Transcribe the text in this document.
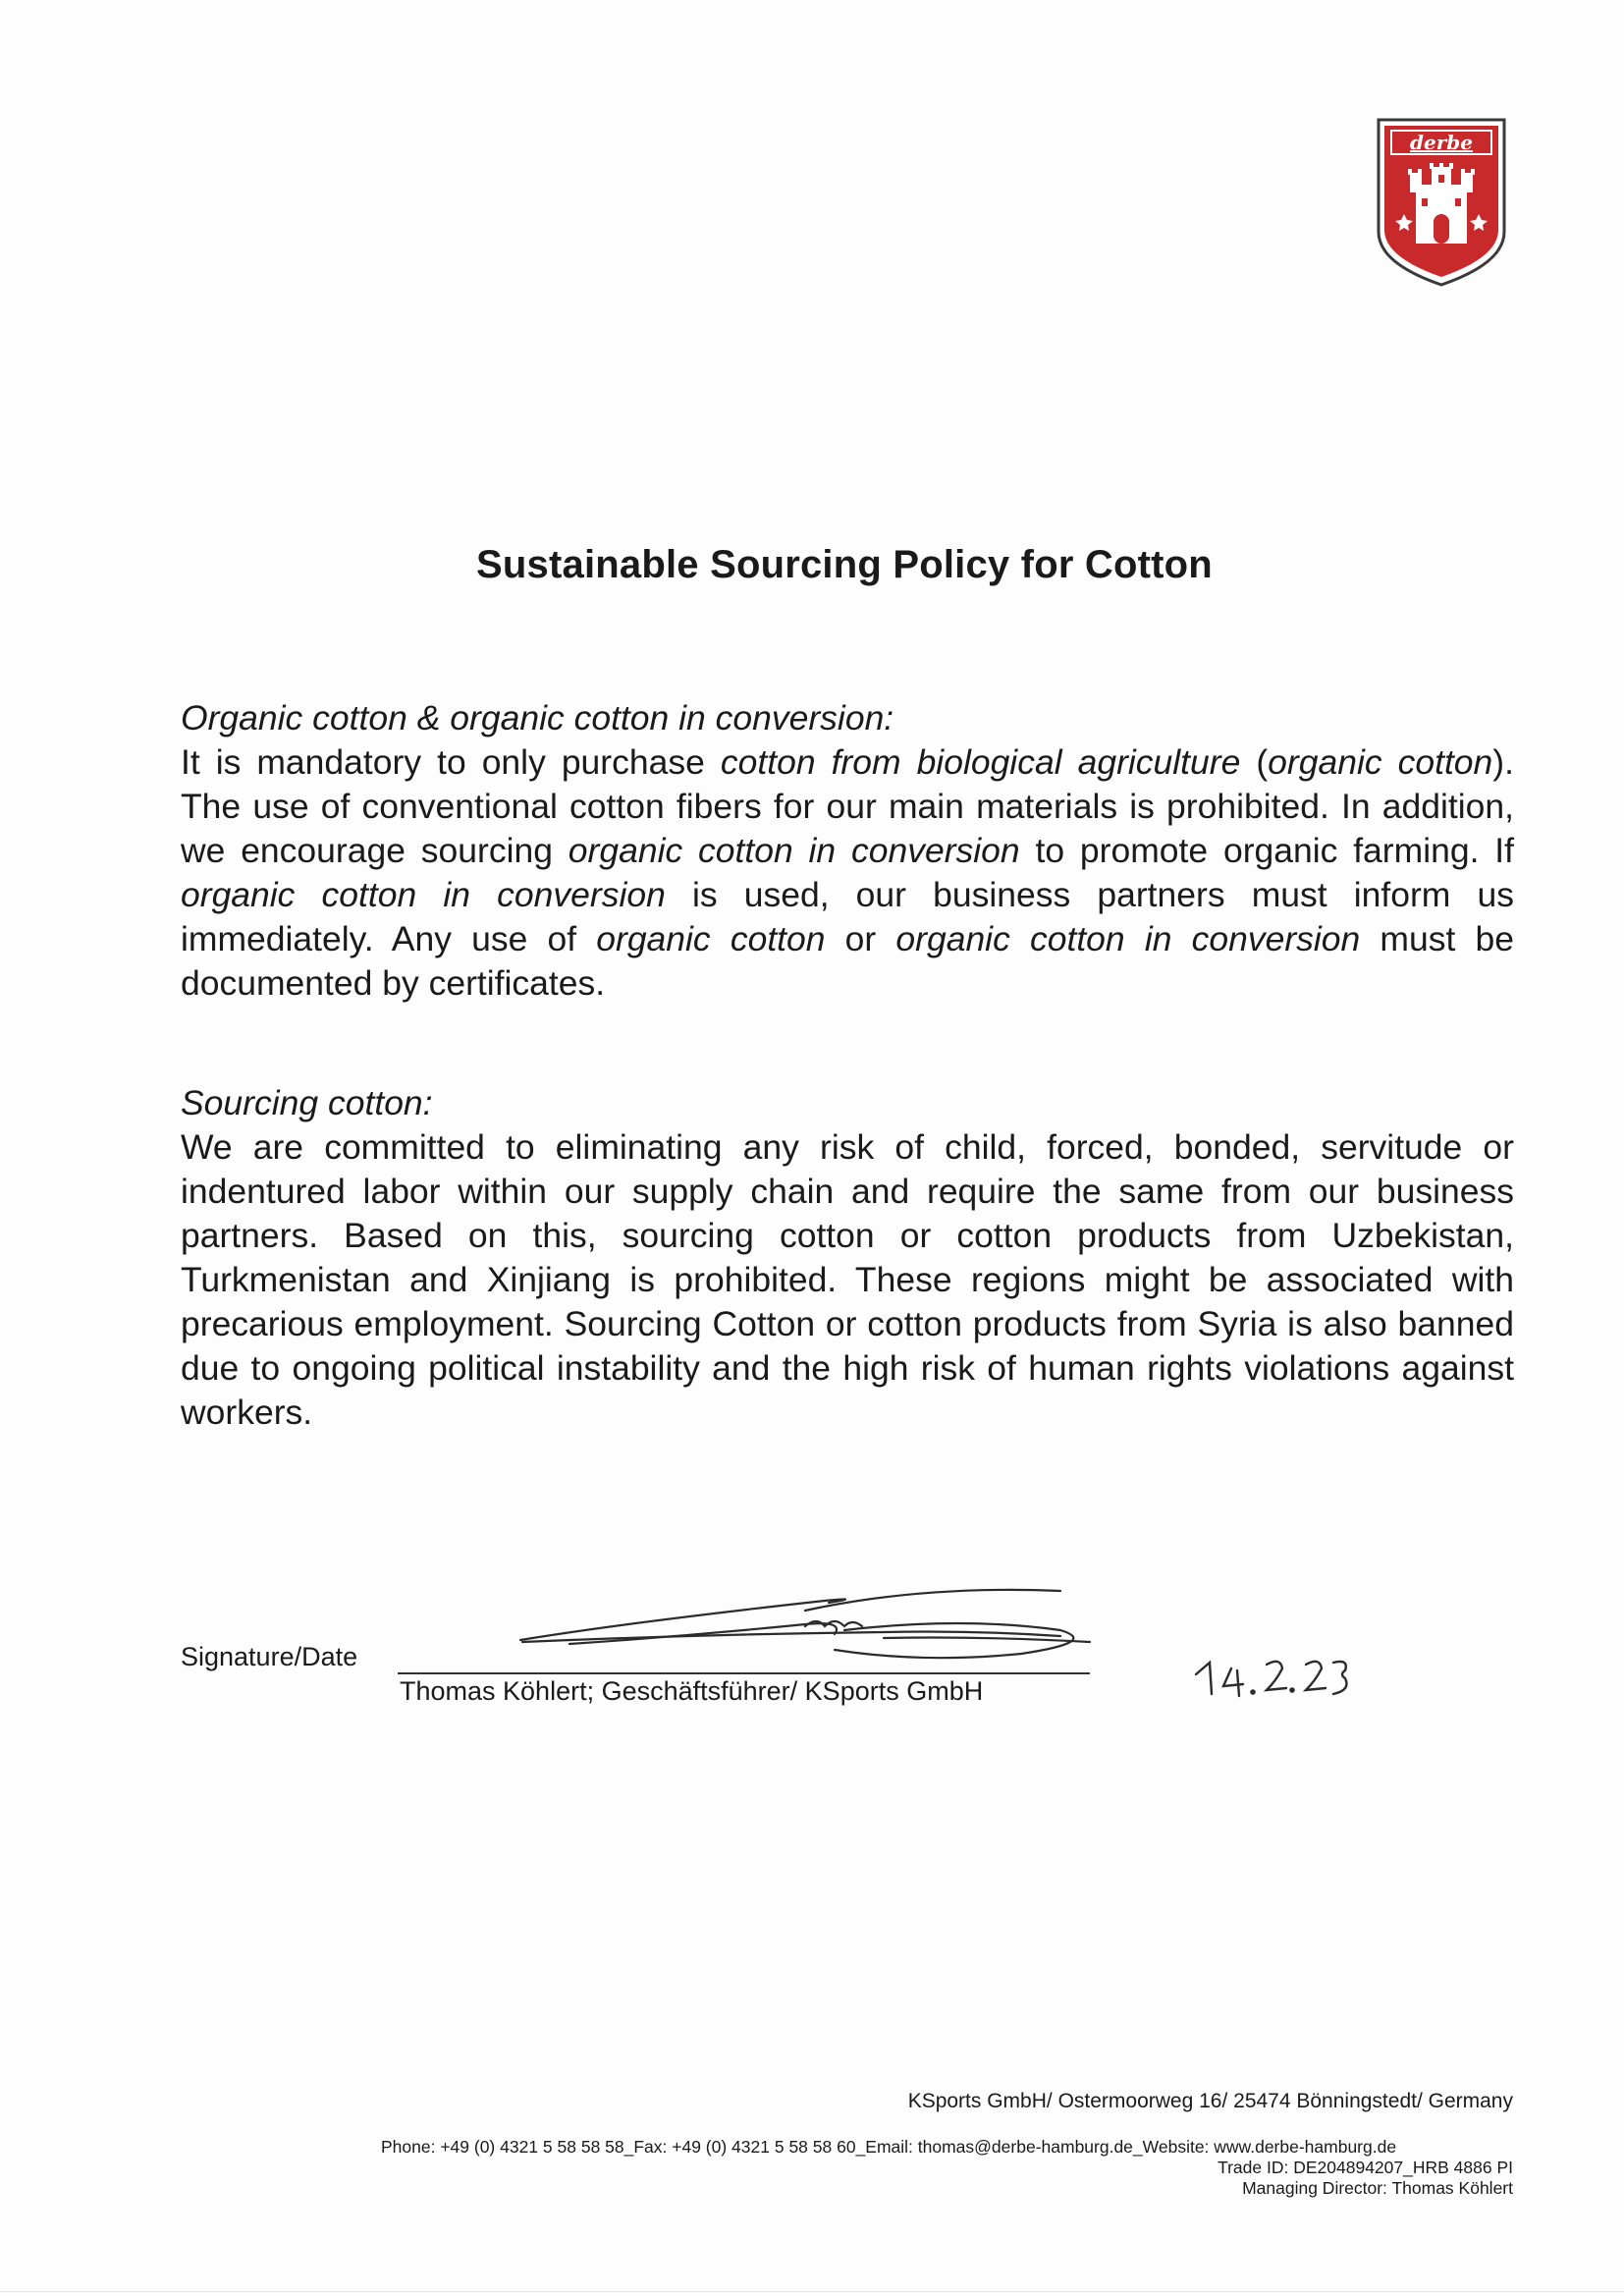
derbe
Sustainable Sourcing Policy for Cotton
Organic cotton & organic cotton in conversion:
It is mandatory to only purchase cotton from biological agriculture (organic cotton). The use of conventional cotton fibers for our main materials is prohibited. In addition, we encourage sourcing organic cotton in conversion to promote organic farming. If organic cotton in conversion is used, our business partners must inform us immediately. Any use of organic cotton or organic cotton in conversion must be documented by certificates.
Sourcing cotton:
We are committed to eliminating any risk of child, forced, bonded, servitude or indentured labor within our supply chain and require the same from our business partners. Based on this, sourcing cotton or cotton products from Uzbekistan, Turkmenistan and Xinjiang is prohibited. These regions might be associated with precarious employment. Sourcing Cotton or cotton products from Syria is also banned due to ongoing political instability and the high risk of human rights violations against workers.
Signature/Date
Thomas Köhlert; Geschäftsführer/ KSports GmbH
KSports GmbH/ Ostermoorweg 16/ 25474 Bönningstedt/ Germany
Phone: +49 (0) 4321 5 58 58 58_Fax: +49 (0) 4321 5 58 58 60_Email: thomas@derbe-hamburg.de_Website: www.derbe-hamburg.de
Trade ID: DE204894207_HRB 4886 PI
Managing Director: Thomas Köhlert
